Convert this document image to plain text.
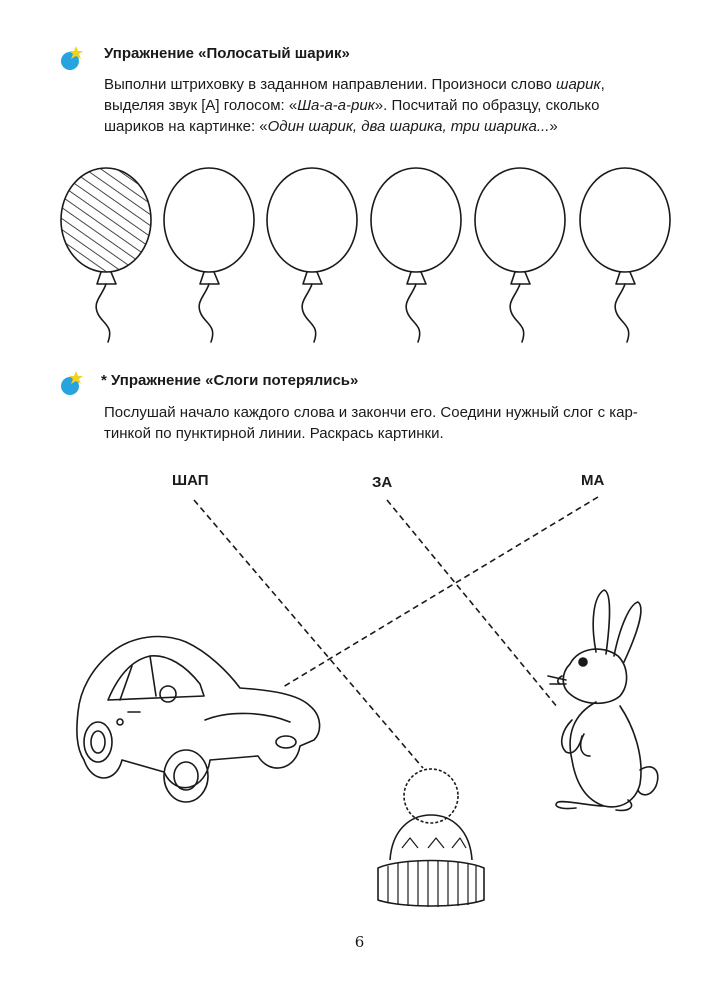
Упражнение «Полосатый шарик»
Выполни штриховку в заданном направлении. Произноси слово шарик,
выделяя звук [А] голосом: «Ша-а-а-рик». Посчитай по образцу, сколько
шариков на картинке: «Один шарик, два шарика, три шарика...»
* Упражнение «Слоги потерялись»
Послушай начало каждого слова и закончи его. Соедини нужный слог с кар-
тинкой по пунктирной линии. Раскрась картинки.
ШАП	ЗА	МА
6
